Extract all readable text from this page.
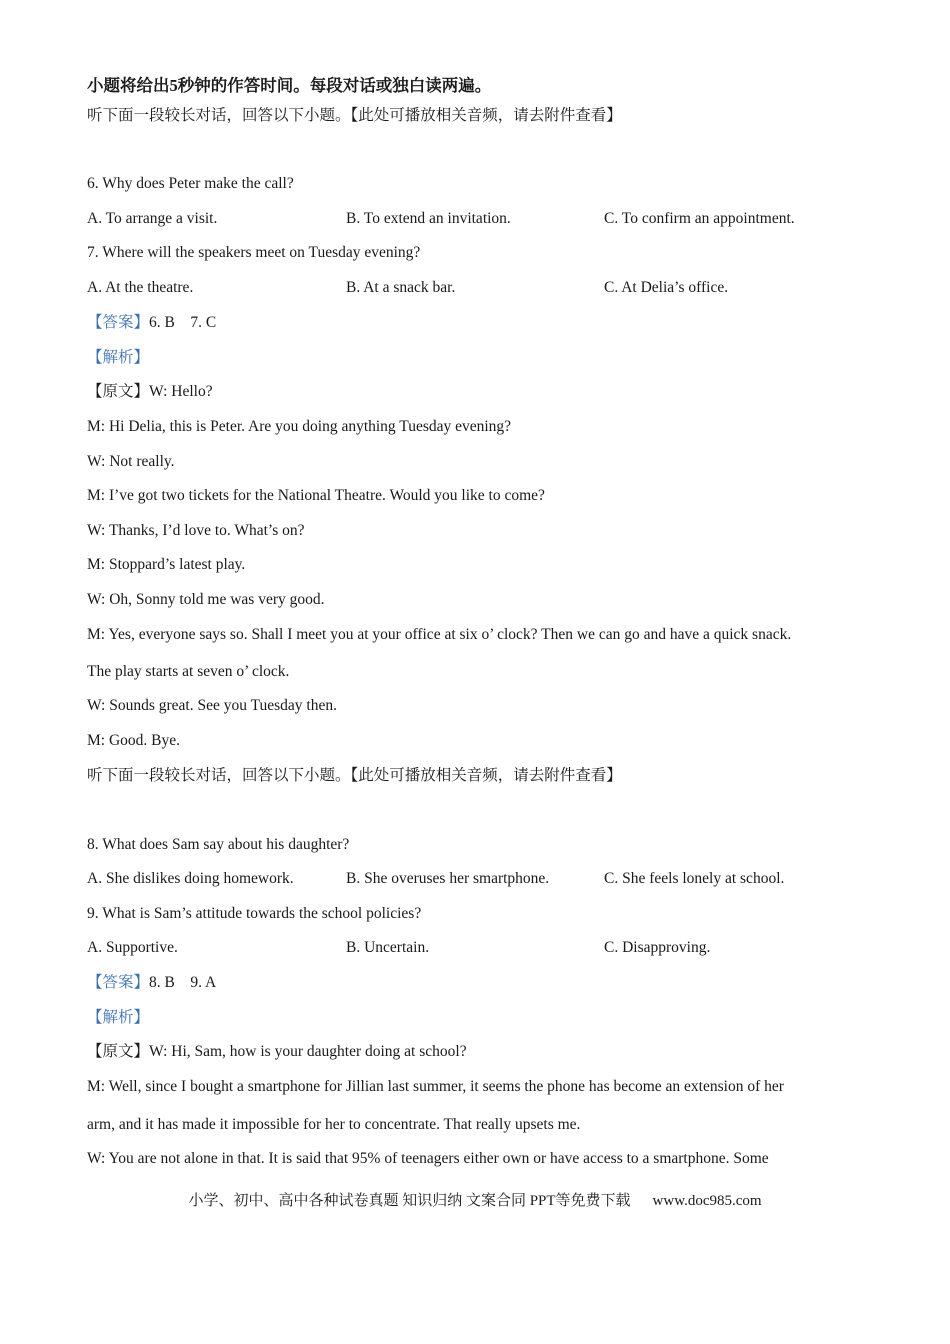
小题将给出5秒钟的作答时间。每段对话或独白读两遍。
听下面一段较长对话，回答以下小题。【此处可播放相关音频，请去附件查看】
6. Why does Peter make the call?
A. To arrange a visit.	B. To extend an invitation.	C. To confirm an appointment.
7. Where will the speakers meet on Tuesday evening?
A. At the theatre.	B. At a snack bar.	C. At Delia’s office.
【答案】6. B    7. C
【解析】
【原文】W: Hello?
M: Hi Delia, this is Peter. Are you doing anything Tuesday evening?
W: Not really.
M: I’ve got two tickets for the National Theatre. Would you like to come?
W: Thanks, I’d love to. What’s on?
M: Stoppard’s latest play.
W: Oh, Sonny told me was very good.
M: Yes, everyone says so. Shall I meet you at your office at six o’ clock? Then we can go and have a quick snack.
The play starts at seven o’ clock.
W: Sounds great. See you Tuesday then.
M: Good. Bye.
听下面一段较长对话，回答以下小题。【此处可播放相关音频，请去附件查看】
8. What does Sam say about his daughter?
A. She dislikes doing homework.	B. She overuses her smartphone.	C. She feels lonely at school.
9. What is Sam’s attitude towards the school policies?
A. Supportive.	B. Uncertain.	C. Disapproving.
【答案】8. B    9. A
【解析】
【原文】W: Hi, Sam, how is your daughter doing at school?
M: Well, since I bought a smartphone for Jillian last summer, it seems the phone has become an extension of her
arm, and it has made it impossible for her to concentrate. That really upsets me.
W: You are not alone in that. It is said that 95% of teenagers either own or have access to a smartphone. Some
小学、初中、高中各种试卷真题 知识归纳 文案合同 PPT等免费下载 www.doc985.com
